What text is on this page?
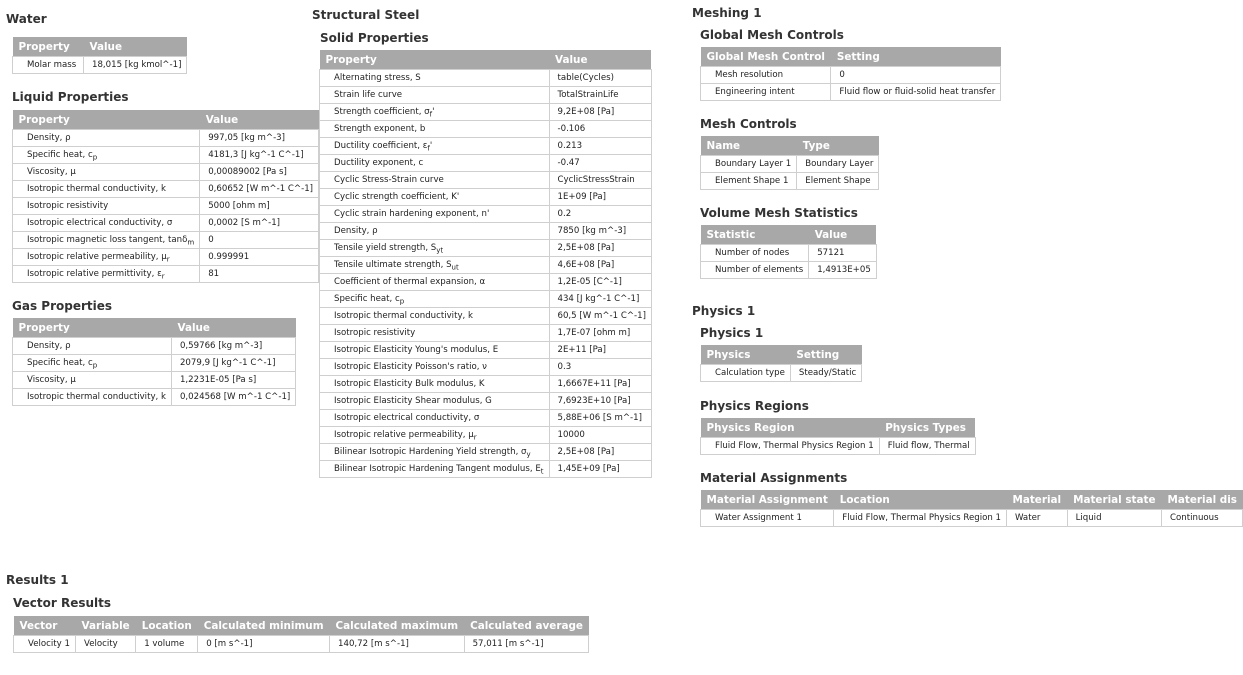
Water
Property	Value
Molar mass	18,015 [kg kmol^-1]
Liquid Properties
Property	Value
Density, ρ	997,05 [kg m^-3]
Specific heat, $c_p$	4181,3 [J kg^-1 C^-1]
Viscosity, μ	0,00089002 [Pa s]
Isotropic thermal conductivity, k	0,60652 [W m^-1 C^-1]
Isotropic resistivity	5000 [ohm m]
Isotropic electrical conductivity, σ	0,0002 [S m^-1]
Isotropic magnetic loss tangent, tanδ$_m$	0
Isotropic relative permeability, $\mu_r$	0.999991
Isotropic relative permittivity, $\varepsilon_r$	81
Gas Properties
Property	Value
Density, ρ	0,59766 [kg m^-3]
Specific heat, $c_p$	2079,9 [J kg^-1 C^-1]
Viscosity, μ	1,2231E-05 [Pa s]
Isotropic thermal conductivity, k	0,024568 [W m^-1 C^-1]
Structural Steel
Solid Properties
Property	Value
Alternating stress, S	table(Cycles)
Strain life curve	TotalStrainLife
Strength coefficient, $\sigma_f'$	9,2E+08 [Pa]
Strength exponent, b	-0.106
Ductility coefficient, $\varepsilon_f'$	0.213
Ductility exponent, c	-0.47
Cyclic Stress-Strain curve	CyclicStressStrain
Cyclic strength coefficient, K'	1E+09 [Pa]
Cyclic strain hardening exponent, n'	0.2
Density, ρ	7850 [kg m^-3]
Tensile yield strength, $S_{yt}$	2,5E+08 [Pa]
Tensile ultimate strength, $S_{ut}$	4,6E+08 [Pa]
Coefficient of thermal expansion, α	1,2E-05 [C^-1]
Specific heat, $c_p$	434 [J kg^-1 C^-1]
Isotropic thermal conductivity, k	60,5 [W m^-1 C^-1]
Isotropic resistivity	1,7E-07 [ohm m]
Isotropic Elasticity Young's modulus, E	2E+11 [Pa]
Isotropic Elasticity Poisson's ratio, ν	0.3
Isotropic Elasticity Bulk modulus, K	1,6667E+11 [Pa]
Isotropic Elasticity Shear modulus, G	7,6923E+10 [Pa]
Isotropic electrical conductivity, σ	5,88E+06 [S m^-1]
Isotropic relative permeability, $\mu_r$	10000
Bilinear Isotropic Hardening Yield strength, $\sigma_y$	2,5E+08 [Pa]
Bilinear Isotropic Hardening Tangent modulus, $E_t$	1,45E+09 [Pa]
Meshing 1
Global Mesh Controls
Global Mesh Control	Setting
Mesh resolution	0
Engineering intent	Fluid flow or fluid-solid heat transfer
Mesh Controls
Name	Type
Boundary Layer 1	Boundary Layer
Element Shape 1	Element Shape
Volume Mesh Statistics
Statistic	Value
Number of nodes	57121
Number of elements	1,4913E+05
Physics 1
Physics 1
Physics	Setting
Calculation type	Steady/Static
Physics Regions
Physics Region	Physics Types
Fluid Flow, Thermal Physics Region 1	Fluid flow, Thermal
Material Assignment	Location	Material	Material state	Material dis
Water Assignment 1	Fluid Flow, Thermal Physics Region 1	Water	Liquid	Continuous
Material Assignments
Results 1
Vector Results
Vector	Variable	Location	Calculated minimum	Calculated maximum	Calculated average
Velocity 1	Velocity	1 volume	0 [m s^-1]	140,72 [m s^-1]	57,011 [m s^-1]
